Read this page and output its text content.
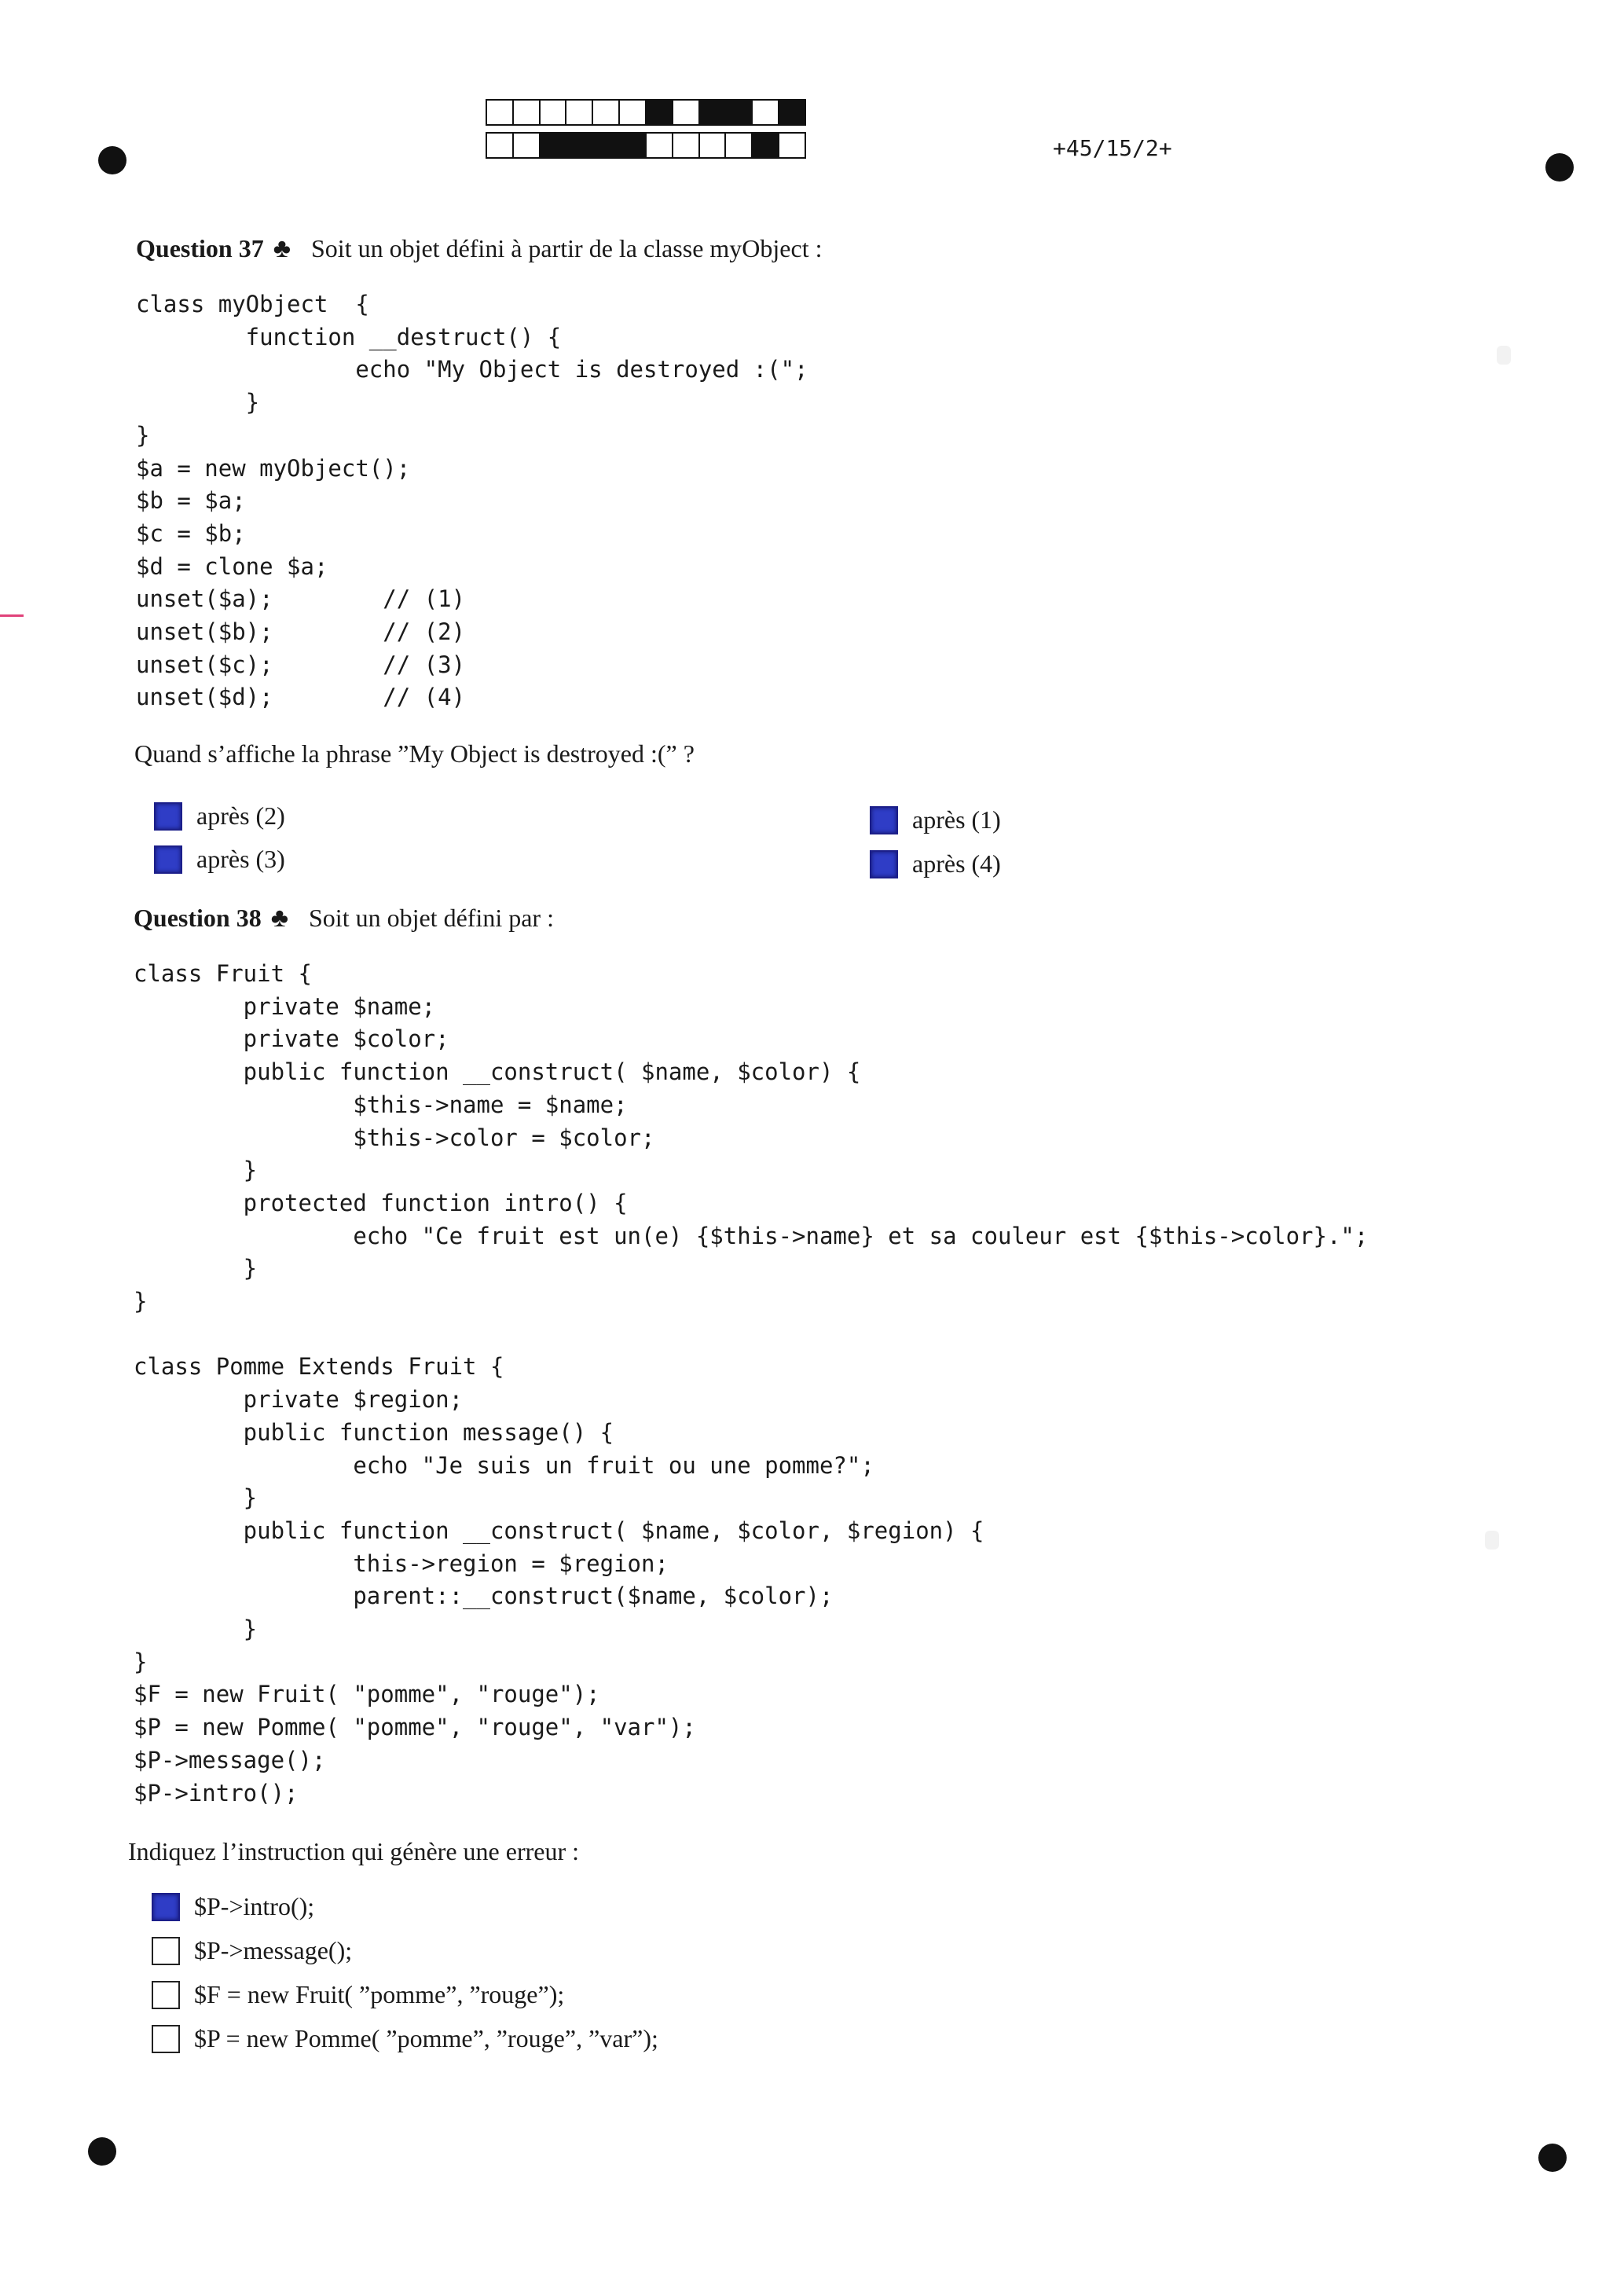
+45/15/2+
Question 37 ♣ Soit un objet défini à partir de la classe myObject :
class myObject  {
function __destruct() {
echo "My Object is destroyed :(";
}
}
$a = new myObject();
$b = $a;
$c = $b;
$d = clone $a;
unset($a);        // (1)
unset($b);        // (2)
unset($c);        // (3)
unset($d);        // (4)

Quand s’affiche la phrase ”My Object is destroyed :(” ?
après (2)
après (3)
après (1)
après (4)
Question 38 ♣ Soit un objet défini par :
class Fruit {
private $name;
private $color;
public function __construct( $name, $color) {
$this->name = $name;
$this->color = $color;
}
protected function intro() {
echo "Ce fruit est un(e) {$this->name} et sa couleur est {$this->color}.";
}
}

class Pomme Extends Fruit {
private $region;
public function message() {
echo "Je suis un fruit ou une pomme?";
}
public function __construct( $name, $color, $region) {
this->region = $region;
parent::__construct($name, $color);
}
}
$F = new Fruit( "pomme", "rouge");
$P = new Pomme( "pomme", "rouge", "var");
$P->message();
$P->intro();

Indiquez l’instruction qui génère une erreur :
$P->intro();
$P->message();
$F = new Fruit( ”pomme”, ”rouge”);
$P = new Pomme( ”pomme”, ”rouge”, ”var”);
